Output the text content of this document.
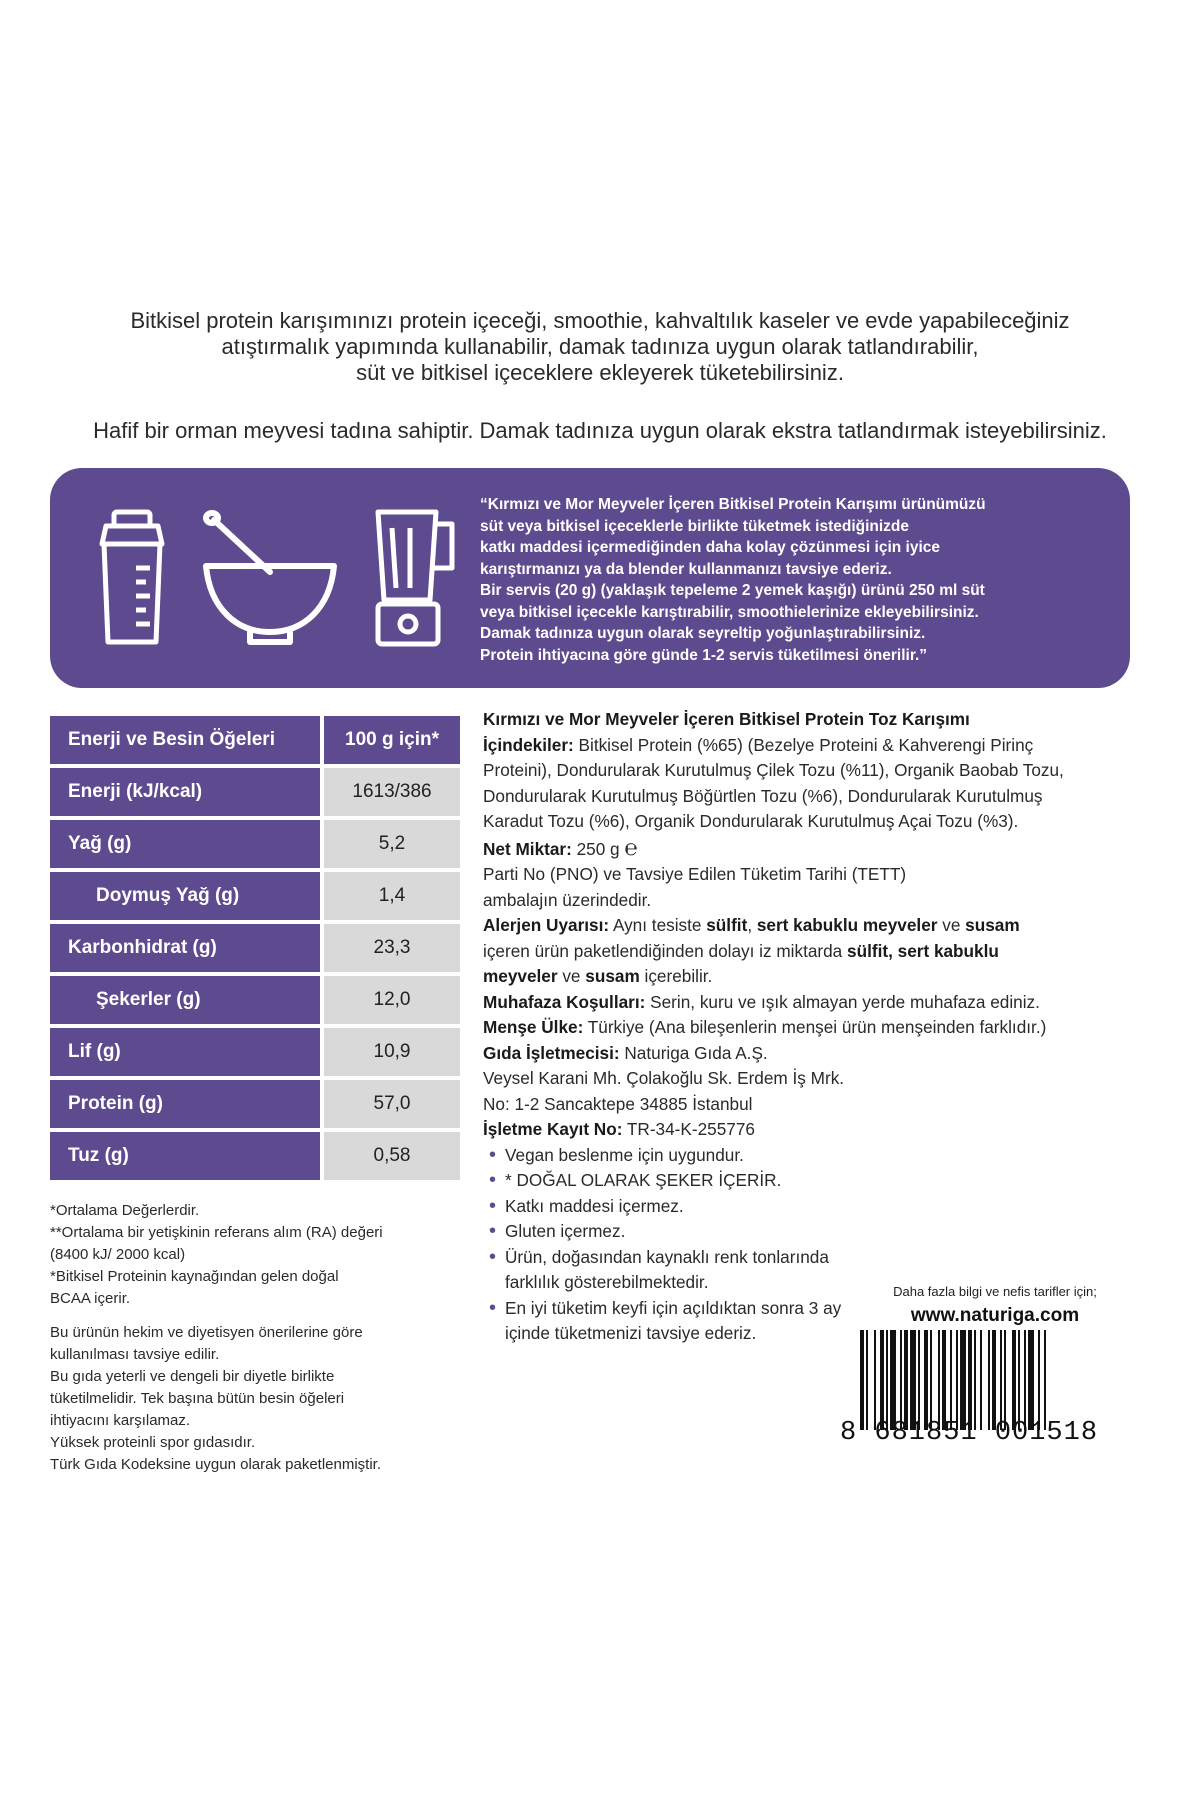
Bitkisel protein karışımınızı protein içeceği, smoothie, kahvaltılık kaseler ve evde yapabileceğiniz

atıştırmalık yapımında kullanabilir, damak tadınıza uygun olarak tatlandırabilir,

süt ve bitkisel içeceklere ekleyerek tüketebilirsiniz.

Hafif bir orman meyvesi tadına sahiptir. Damak tadınıza uygun olarak ekstra tatlandırmak isteyebilirsiniz.

“Kırmızı ve Mor Meyveler İçeren Bitkisel Protein Karışımı ürünümüzü
süt veya bitkisel içeceklerle birlikte tüketmek istediğinizde
katkı maddesi içermediğinden daha kolay çözünmesi için iyice
karıştırmanızı ya da blender kullanmanızı tavsiye ederiz.
Bir servis (20 g) (yaklaşık tepeleme 2 yemek kaşığı) ürünü 250 ml süt
veya bitkisel içecekle karıştırabilir, smoothielerinize ekleyebilirsiniz.
Damak tadınıza uygun olarak seyreltip yoğunlaştırabilirsiniz.
Protein ihtiyacına göre günde 1-2 servis tüketilmesi önerilir.”
Enerji ve Besin Öğeleri	100 g için*
Enerji (kJ/kcal)	1613/386
Yağ (g)	5,2
Doymuş Yağ (g)	1,4
Karbonhidrat (g)	23,3
Şekerler (g)	12,0
Lif (g)	10,9
Protein (g)	57,0
Tuz (g)	0,58
*Ortalama Değerlerdir.
**Ortalama bir yetişkinin referans alım (RA) değeri
(8400 kJ/ 2000 kcal)
*Bitkisel Proteinin kaynağından gelen doğal
BCAA içerir.
Bu ürünün hekim ve diyetisyen önerilerine göre
kullanılması tavsiye edilir.
Bu gıda yeterli ve dengeli bir diyetle birlikte
tüketilmelidir. Tek başına bütün besin öğeleri
ihtiyacını karşılamaz.
Yüksek proteinli spor gıdasıdır.
Türk Gıda Kodeksine uygun olarak paketlenmiştir.
Kırmızı ve Mor Meyveler İçeren Bitkisel Protein Toz Karışımı
İçindekiler: Bitkisel Protein (%65) (Bezelye Proteini & Kahverengi Pirinç
Proteini), Dondurularak Kurutulmuş Çilek Tozu (%11), Organik Baobab Tozu,
Dondurularak Kurutulmuş Böğürtlen Tozu (%6), Dondurularak Kurutulmuş
Karadut Tozu (%6), Organik Dondurularak Kurutulmuş Açai Tozu (%3).
Net Miktar: 250 g ℮
Parti No (PNO) ve Tavsiye Edilen Tüketim Tarihi (TETT)
ambalajın üzerindedir.
Alerjen Uyarısı: Aynı tesiste sülfit, sert kabuklu meyveler ve susam
içeren ürün paketlendiğinden dolayı iz miktarda sülfit, sert kabuklu
meyveler ve susam içerebilir.
Muhafaza Koşulları: Serin, kuru ve ışık almayan yerde muhafaza ediniz.
Menşe Ülke: Türkiye (Ana bileşenlerin menşei ürün menşeinden farklıdır.)
Gıda İşletmecisi: Naturiga Gıda A.Ş.
Veysel Karani Mh. Çolakoğlu Sk. Erdem İş Mrk.
No: 1-2 Sancaktepe 34885 İstanbul
İşletme Kayıt No: TR-34-K-255776
• Vegan beslenme için uygundur.
• * DOĞAL OLARAK ŞEKER İÇERİR.
• Katkı maddesi içermez.
• Gluten içermez.
• Ürün, doğasından kaynaklı renk tonlarında farklılık gösterebilmektedir.
• En iyi tüketim keyfi için açıldıktan sonra 3 ay içinde tüketmenizi tavsiye ederiz.
Daha fazla bilgi ve nefis tarifler için;
www.naturiga.com
8 681851 001518
